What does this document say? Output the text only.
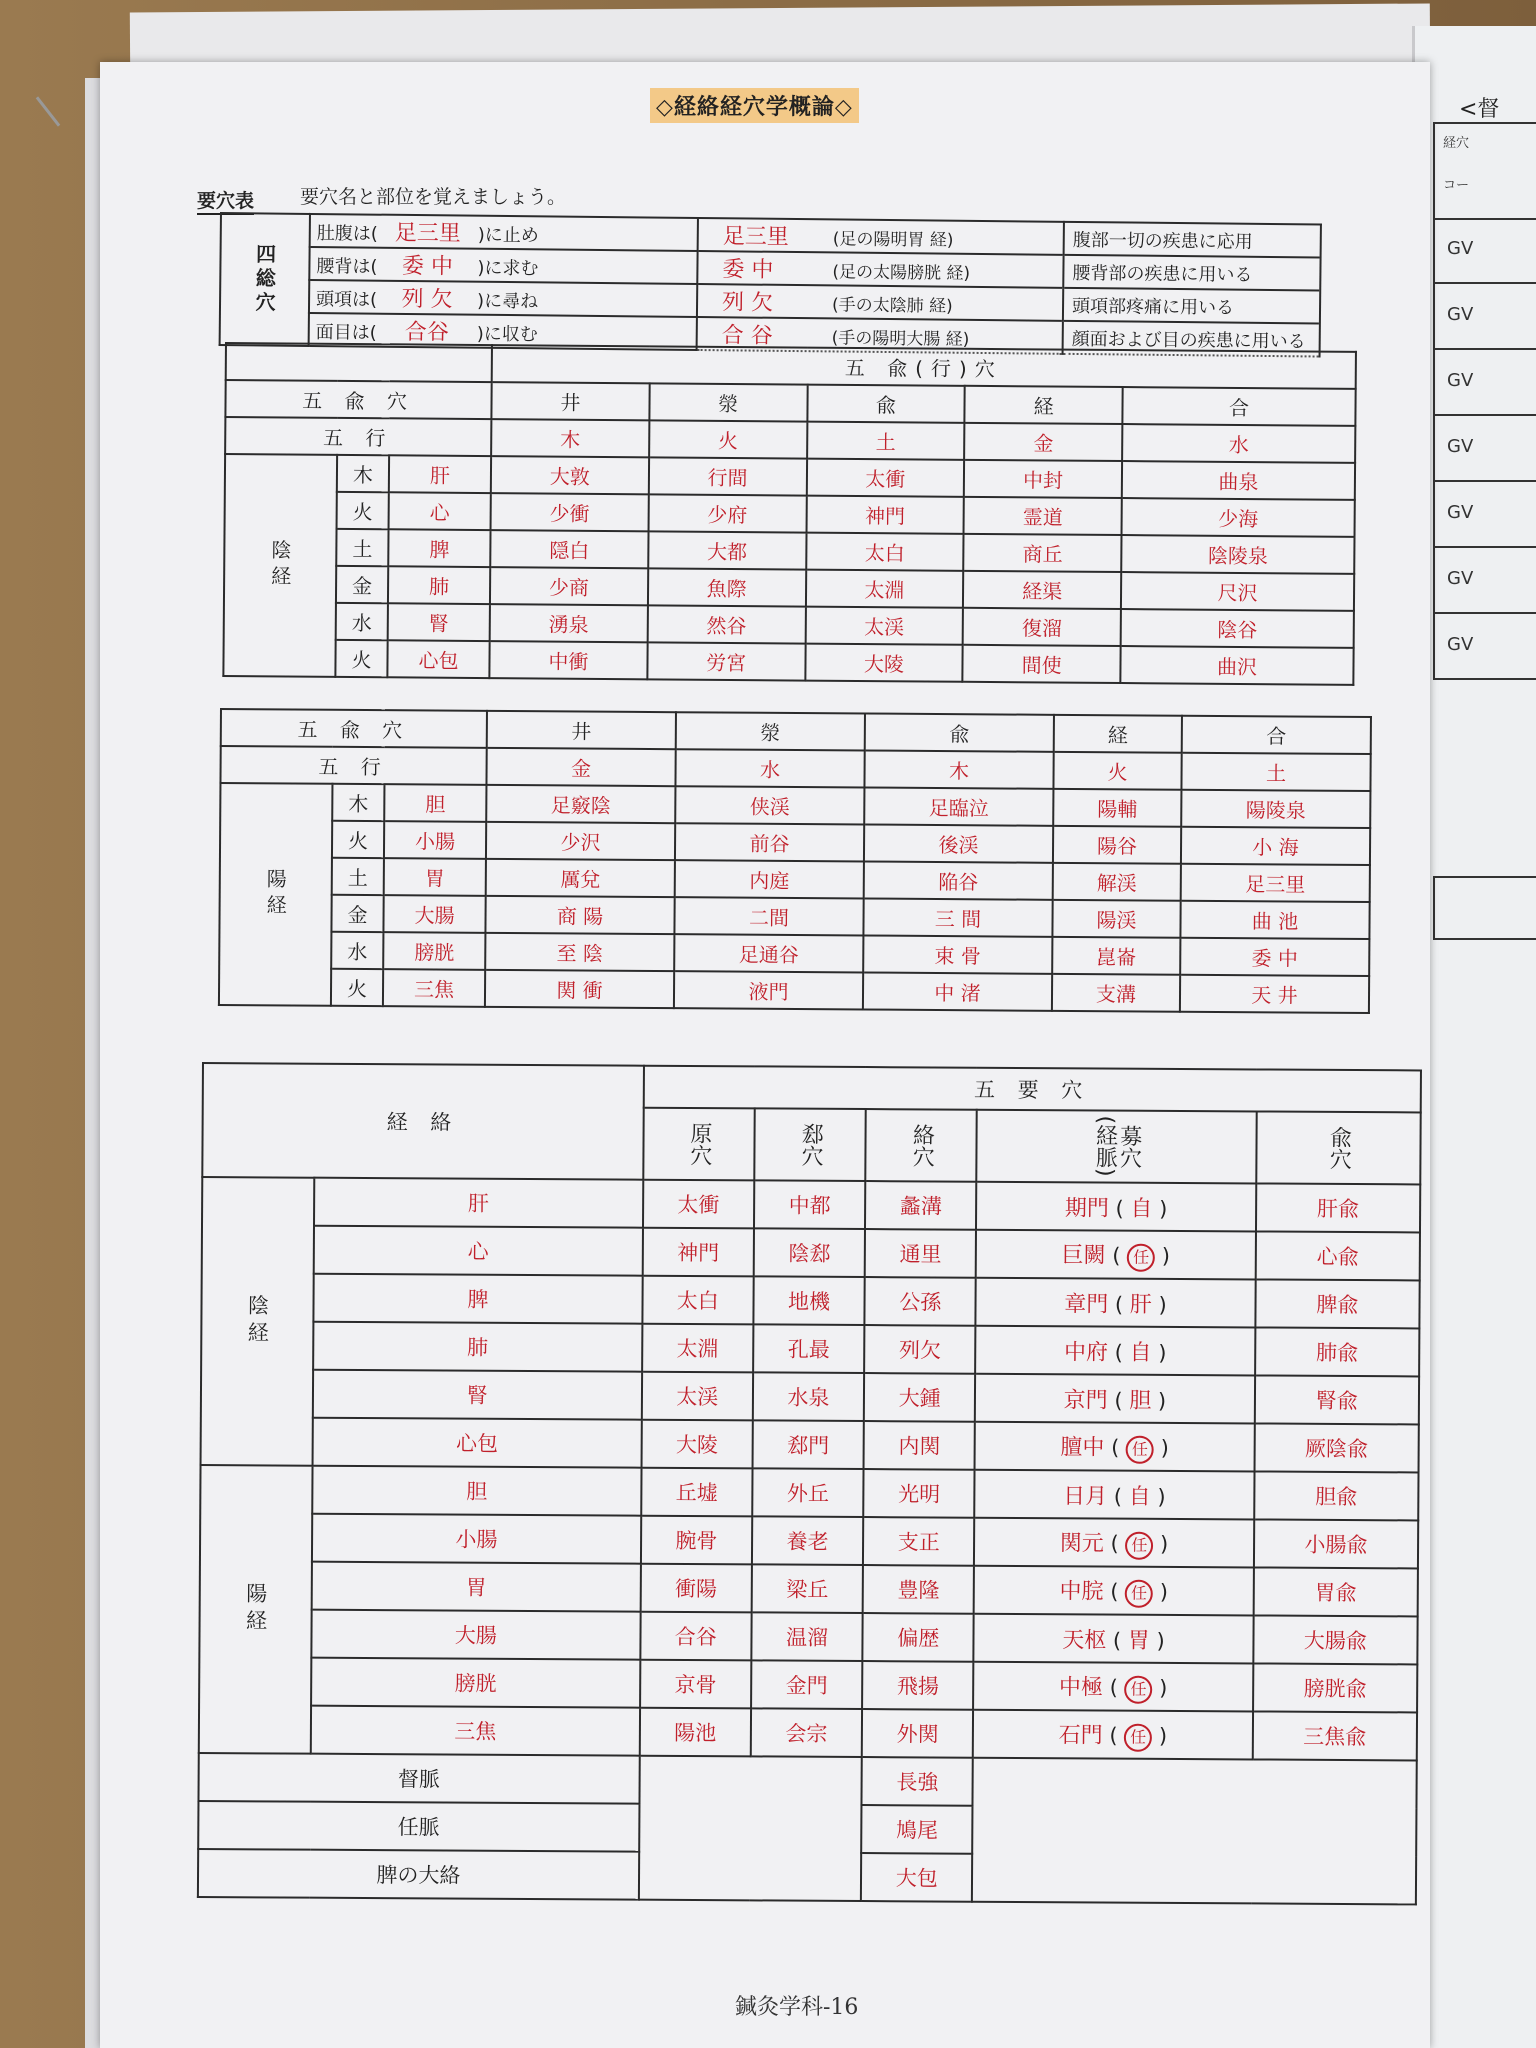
<督
経穴
コー
GV
GV
GV
GV
GV
GV
GV
◇経絡経穴学概論◇
要穴表 要穴名と部位を覚えましょう。
四総穴	肚腹は( 足三里 )に止め	足三里 (足の陽明胃 経)	腹部一切の疾患に応用
	腰背は( 委 中 )に求む	委 中 (足の太陽膀胱 経)	腰背部の疾患に用いる
	頭項は( 列 欠 )に尋ね	列 欠 (手の太陰肺 経)	頭項部疼痛に用いる
	面目は( 合谷 )に収む	合 谷 (手の陽明大腸 経)	顔面および目の疾患に用いる
			五 兪(行)穴				
五 兪 穴			井	滎	兪	経	合
五 行			木	火	土	金	水
陰経	木	肝	大敦	行間	太衝	中封	曲泉
	火	心	少衝	少府	神門	霊道	少海
	土	脾	隠白	大都	太白	商丘	陰陵泉
	金	肺	少商	魚際	太淵	経渠	尺沢
	水	腎	湧泉	然谷	太渓	復溜	陰谷
	火	心包	中衝	労宮	大陵	間使	曲沢
五 兪 穴			井	滎	兪	経	合
五 行			金	水	木	火	土
陽経	木	胆	足竅陰	侠渓	足臨泣	陽輔	陽陵泉
	火	小腸	少沢	前谷	後渓	陽谷	小 海
	土	胃	厲兌	内庭	陥谷	解渓	足三里
	金	大腸	商 陽	二間	三 間	陽渓	曲 池
	水	膀胱	至 陰	足通谷	束 骨	崑崙	委 中
	火	三焦	関 衝	液門	中 渚	支溝	天 井
経 絡		五 要 穴				
		原穴	郄穴	絡穴	募穴(経脈)	兪穴
陰経	肝	太衝	中都	蠡溝	期門 ( 自 )	肝兪
	心	神門	陰郄	通里	巨闕 ( 任 )	心兪
	脾	太白	地機	公孫	章門 ( 肝 )	脾兪
	肺	太淵	孔最	列欠	中府 ( 自 )	肺兪
	腎	太渓	水泉	大鍾	京門 ( 胆 )	腎兪
	心包	大陵	郄門	内関	膻中 ( 任 )	厥陰兪
陽経	胆	丘墟	外丘	光明	日月 ( 自 )	胆兪
	小腸	腕骨	養老	支正	関元 ( 任 )	小腸兪
	胃	衝陽	梁丘	豊隆	中脘 ( 任 )	胃兪
	大腸	合谷	温溜	偏歴	天枢 ( 胃 )	大腸兪
	膀胱	京骨	金門	飛揚	中極 ( 任 )	膀胱兪
	三焦	陽池	会宗	外関	石門 ( 任 )	三焦兪
督脈				長強		
任脈				鳩尾		
脾の大絡				大包		
鍼灸学科-16
